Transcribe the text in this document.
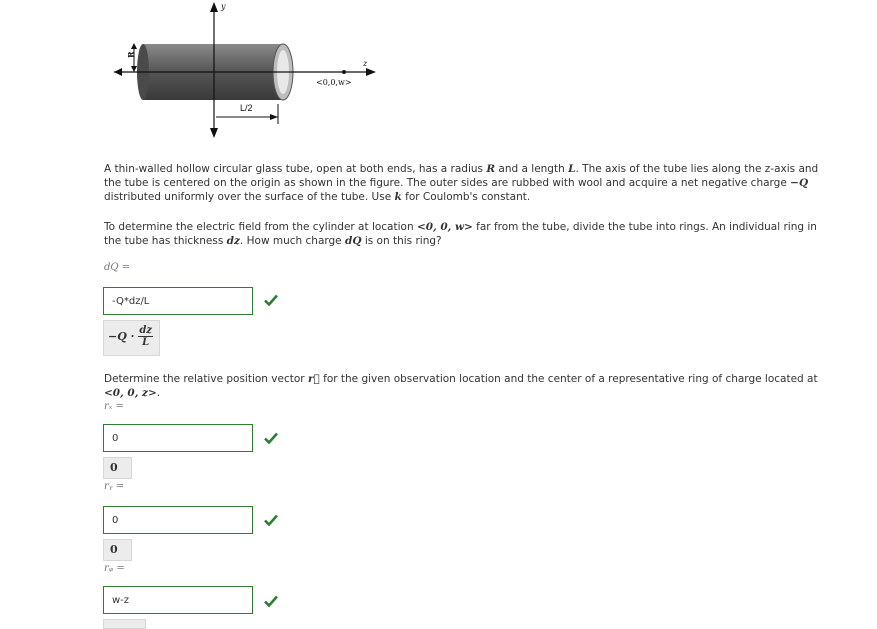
y
z
<0,0,w>
R
L/2
A thin-walled hollow circular glass tube, open at both ends, has a radius R and a length L. The axis of the tube lies along the z-axis and the tube is centered on the origin as shown in the figure. The outer sides are rubbed with wool and acquire a net negative charge −Q distributed uniformly over the surface of the tube. Use k for Coulomb's constant.
To determine the electric field from the cylinder at location <0, 0, w> far from the tube, divide the tube into rings. An individual ring in the tube has thickness dz. How much charge dQ is on this ring?
dQ =
-Q*dz/L
$-Q \cdot \frac{dz}{L}$
Determine the relative position vector r⃗ for the given observation location and the center of a representative ring of charge located at <0, 0, z>.
rₓ =
0
0
rᵧ =
0
0
rᵩ =
w-z
